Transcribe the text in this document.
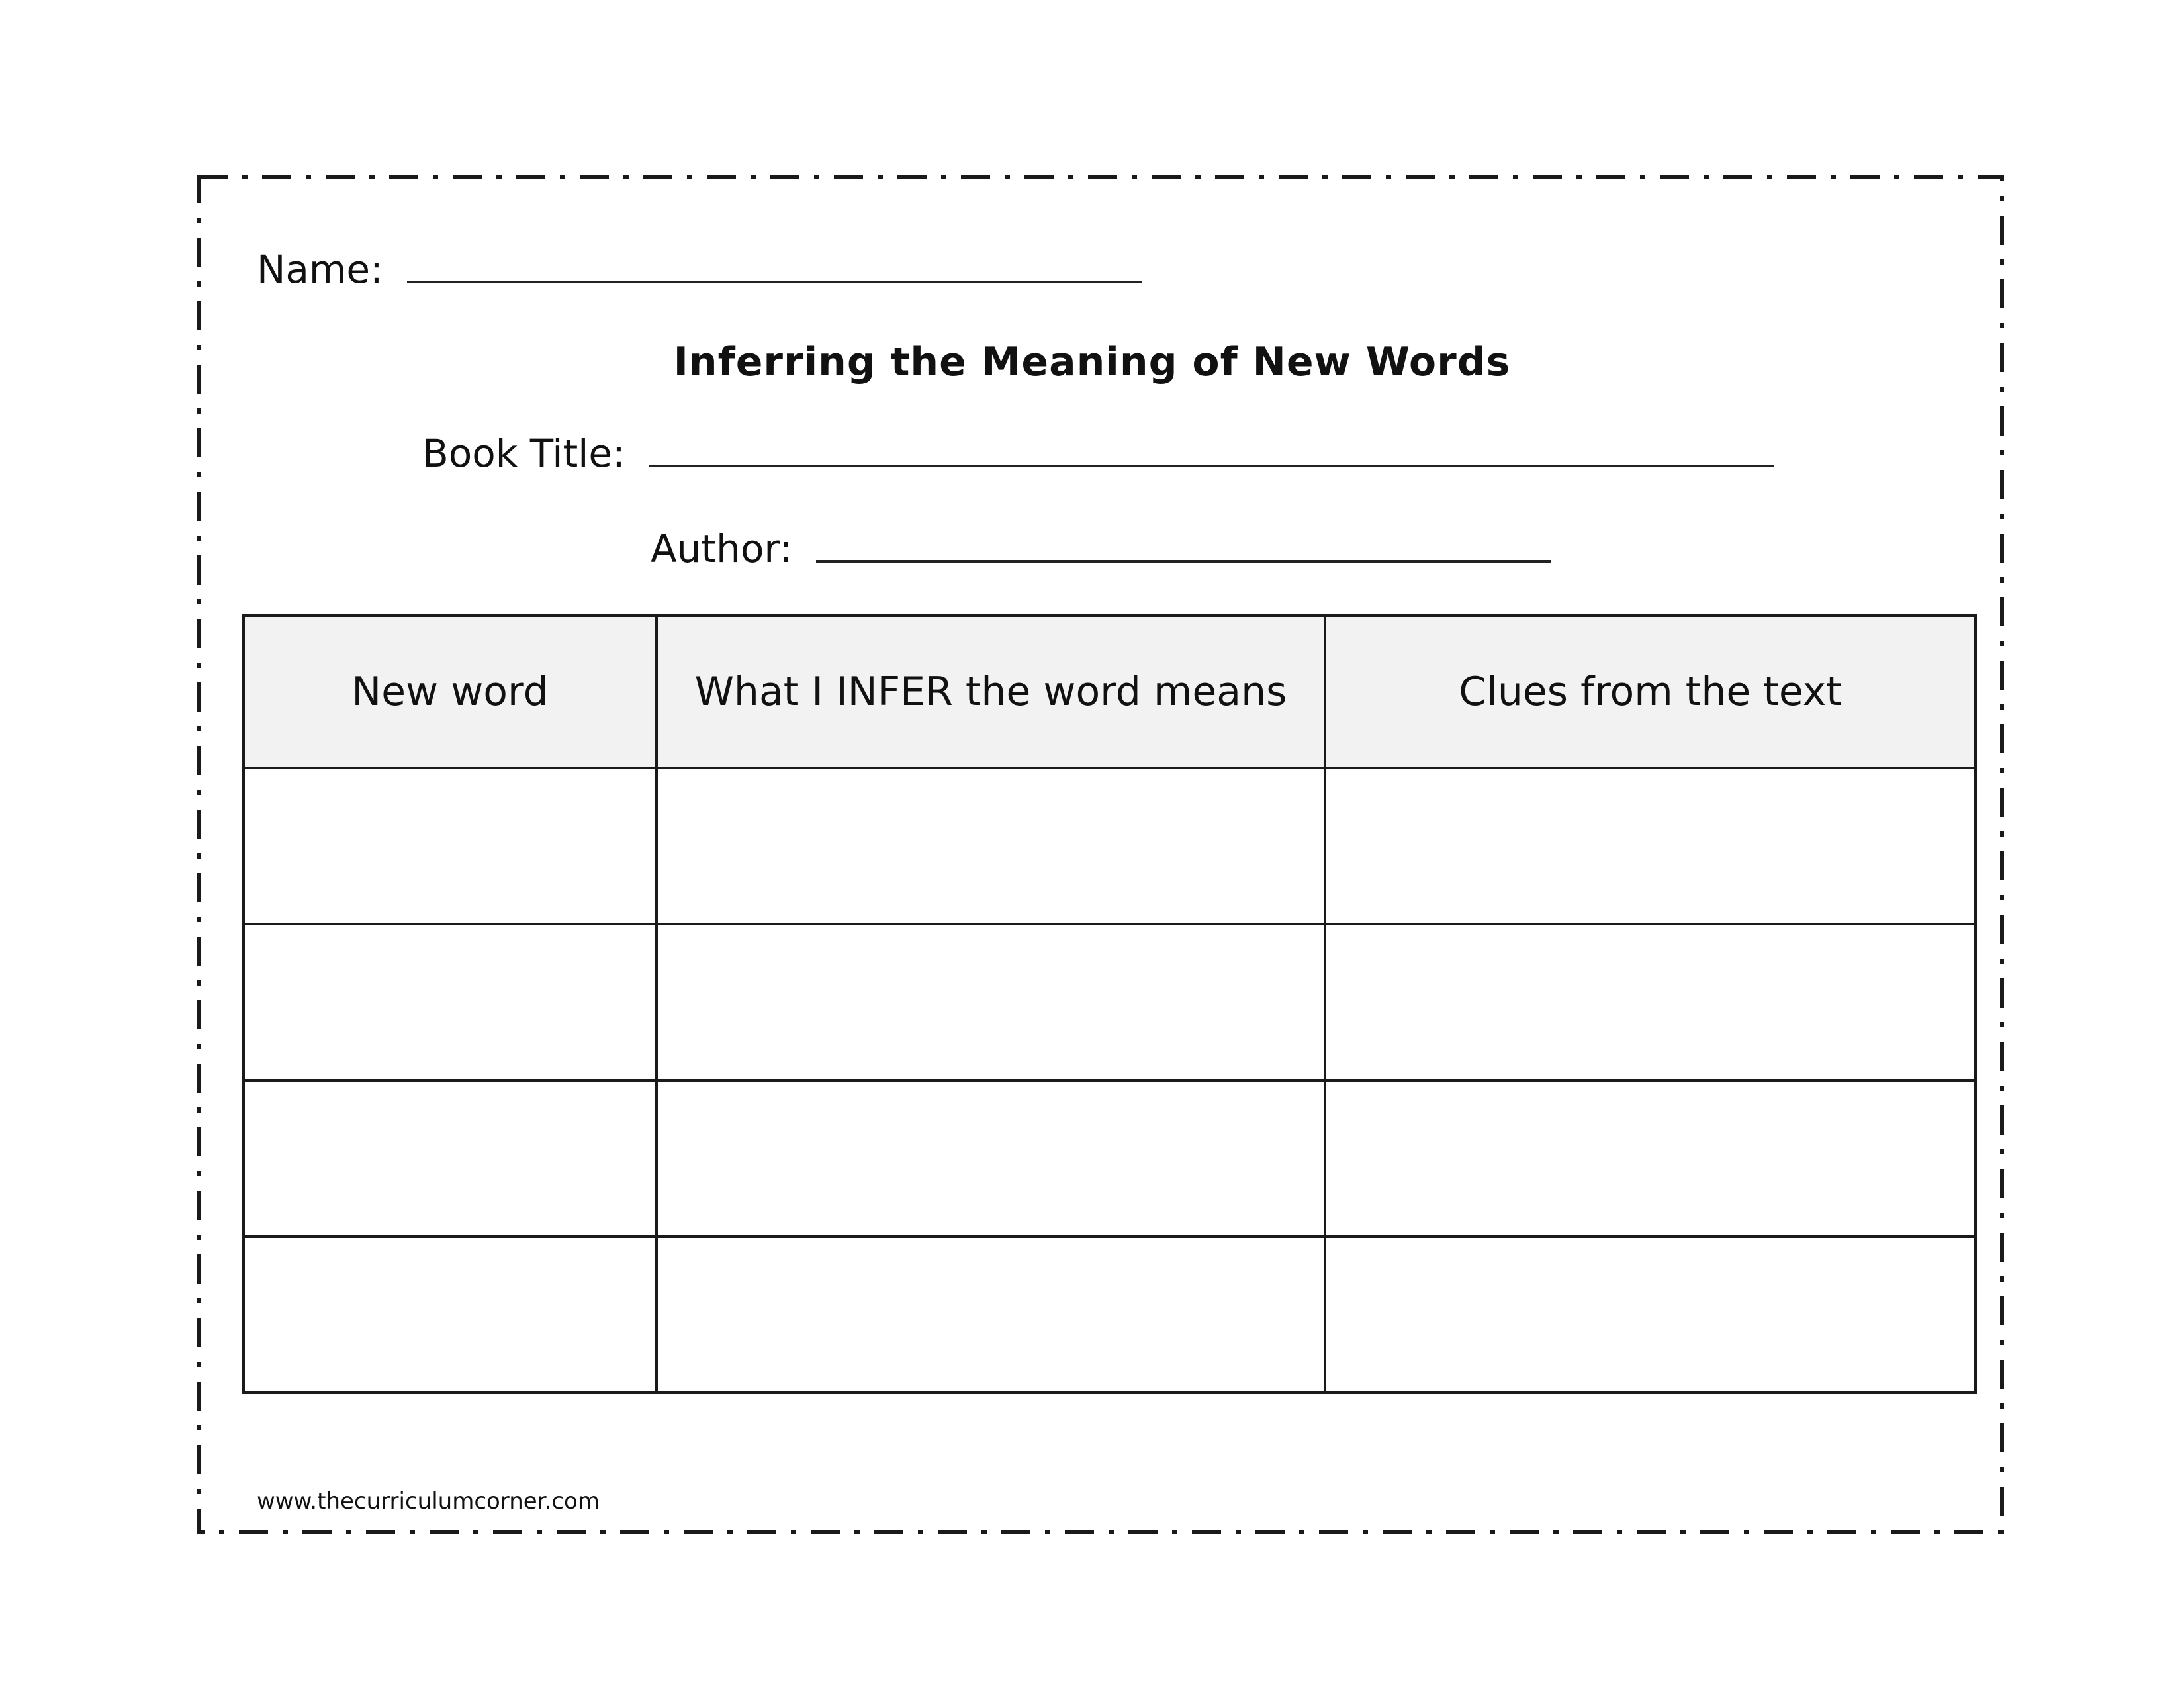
Name:
Inferring the Meaning of New Words
Book Title:
Author:
New word	What I INFER the word means	Clues from the text

www.thecurriculumcorner.com
